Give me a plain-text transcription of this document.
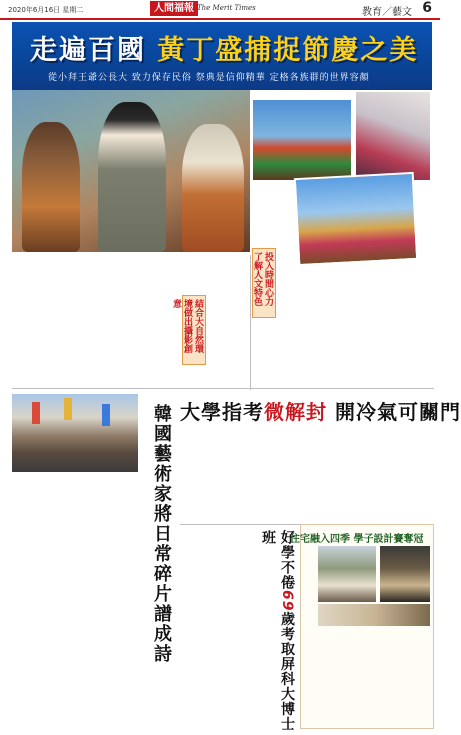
2020年6月16日 星期二	人間福報 The Merit Times	教育／藝文 6
走遍百國 黃丁盛捕捉節慶之美
從小拜王爺公長大 致力保存民俗 祭典是信仰精華 定格各族群的世界容顏
投入時間心力了解人文特色
結合大自然環境做出攝影創意
大學指考微解封 開冷氣可關門
韓國藝術家將日常碎片譜成詩	好學不倦69歲考取屏科大博士班	住宅融入四季 學子設計賽奪冠
